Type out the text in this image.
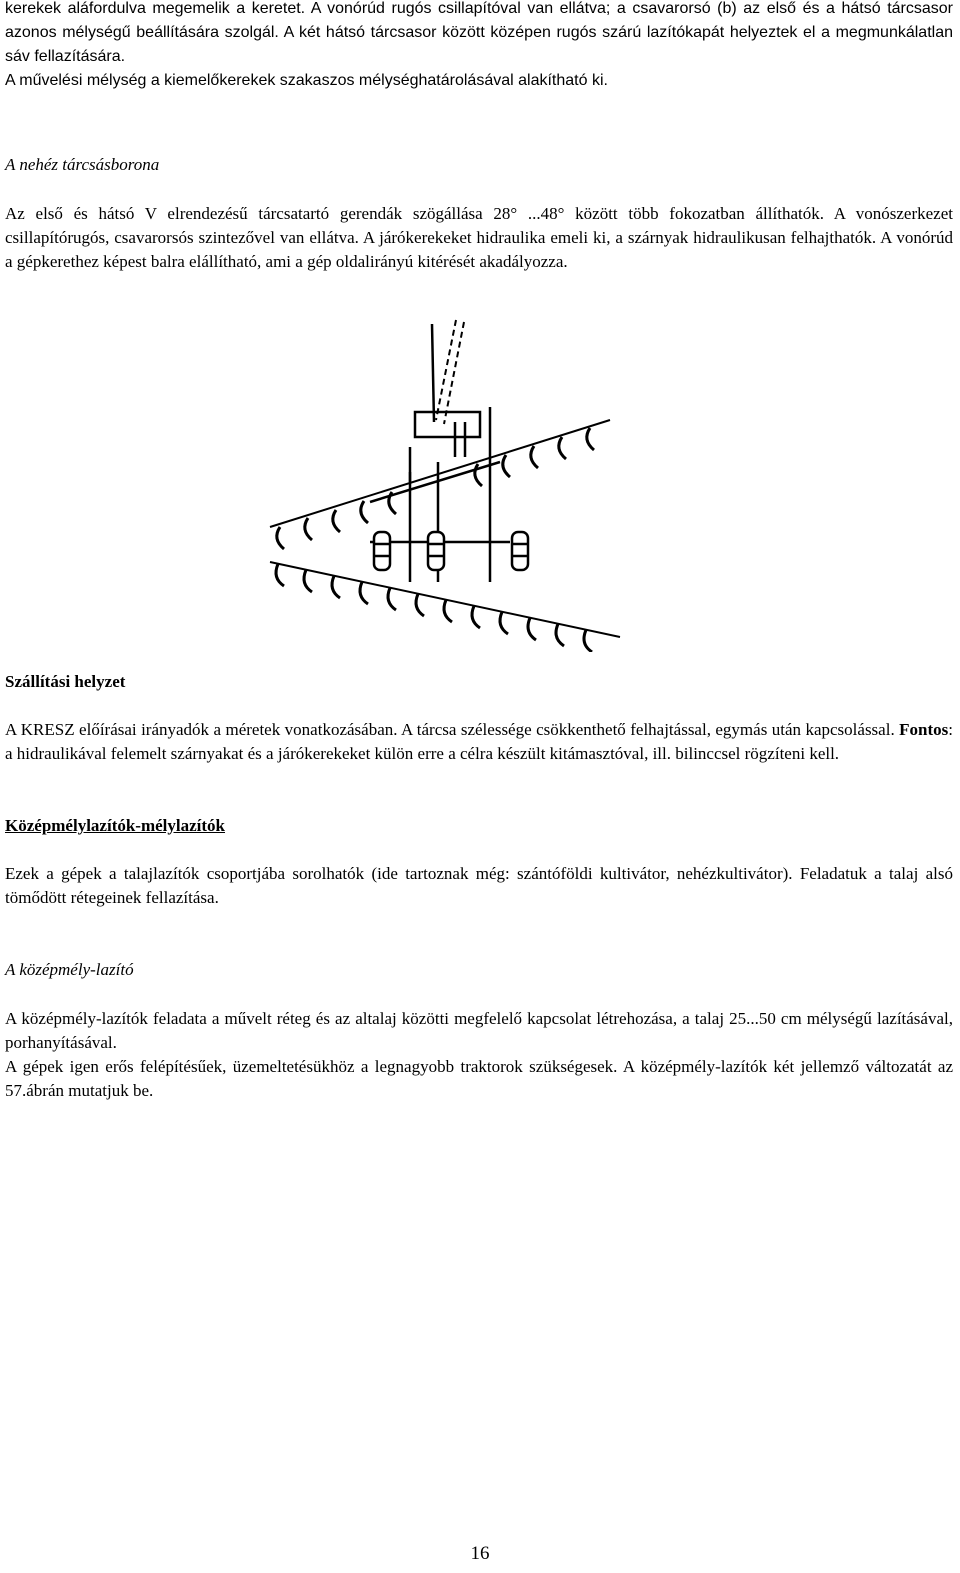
kerekek aláfordulva megemelik a keretet. A vonórúd rugós csillapítóval van ellátva; a csavarorsó (b) az első és a hátsó tárcsasor azonos mélységű beállítására szolgál. A két hátsó tárcsasor között középen rugós szárú lazítókapát helyeztek el a megmunkálatlan sáv fellazítására.

A művelési mélység a kiemelőkerekek szakaszos mélységhatárolásával alakítható ki.

A nehéz tárcsásborona

Az első és hátsó V elrendezésű tárcsatartó gerendák szögállása 28° ...48° között több fokozatban állíthatók. A vonószerkezet csillapítórugós, csavarorsós szintezővel van ellátva. A járókerekeket hidraulika emeli ki, a szárnyak hidraulikusan felhajthatók. A vonórúd a gépkerethez képest balra elállítható, ami a gép oldalirányú kitérését akadályozza.

Szállítási helyzet

A KRESZ előírásai irányadók a méretek vonatkozásában. A tárcsa szélessége csökkenthető felhajtással, egymás után kapcsolással. Fontos: a hidraulikával felemelt szárnyakat és a járókerekeket külön erre a célra készült kitámasztóval, ill. bilinccsel rögzíteni kell.

Középmélylazítók-mélylazítók

Ezek a gépek a talajlazítók csoportjába sorolhatók (ide tartoznak még: szántóföldi kultivátor, nehézkultivátor). Feladatuk a talaj alsó tömődött rétegeinek fellazítása.

A középmély-lazító

A középmély-lazítók feladata a művelt réteg és az altalaj közötti megfelelő kapcsolat létrehozása, a talaj 25...50 cm mélységű lazításával, porhanyításával.

A gépek igen erős felépítésűek, üzemeltetésükhöz a legnagyobb traktorok szükségesek. A középmély-lazítók két jellemző változatát az 57.ábrán mutatjuk be.

16
